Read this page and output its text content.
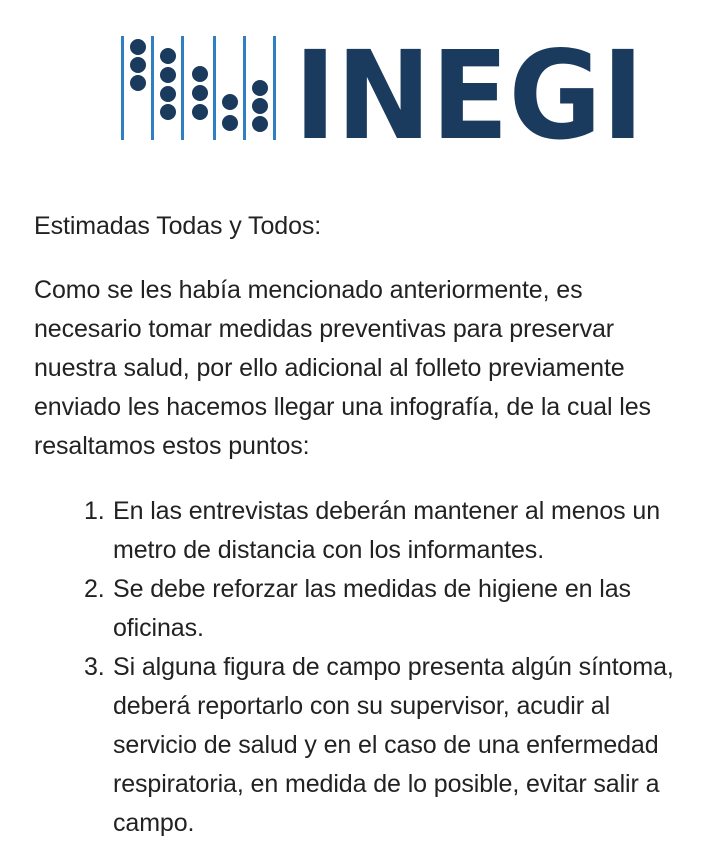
INEGI
Estimadas Todas y Todos:
Como se les había mencionado anteriormente, es necesario tomar medidas preventivas para preservar nuestra salud, por ello adicional al folleto previamente enviado les hacemos llegar una infografía, de la cual les resaltamos estos puntos:
1. En las entrevistas deberán mantener al menos un metro de distancia con los informantes.
2. Se debe reforzar las medidas de higiene en las oficinas.
3. Si alguna figura de campo presenta algún síntoma, deberá reportarlo con su supervisor, acudir al servicio de salud y en el caso de una enfermedad respiratoria, en medida de lo posible, evitar salir a campo.
